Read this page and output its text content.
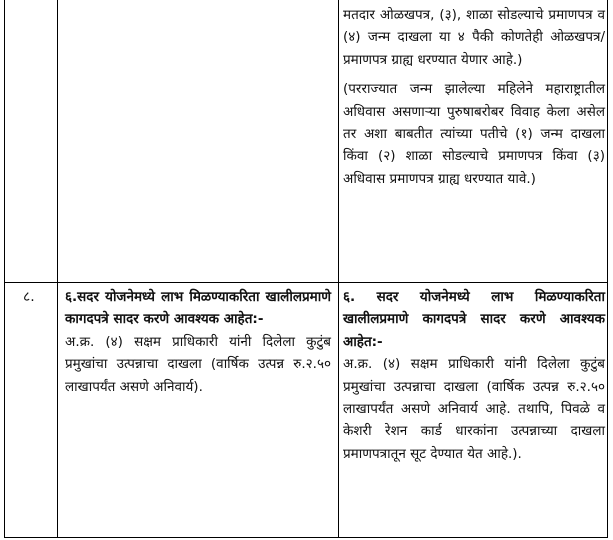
मतदार ओळखपत्र, (३), शाळा सोडल्याचे प्रमाणपत्र व (४) जन्म दाखला या ४ पैकी कोणतेही ओळखपत्र/प्रमाणपत्र ग्राह्य धरण्यात येणार आहे.)

(परराज्यात जन्म झालेल्या महिलेने महाराष्ट्रातील अधिवास असणाऱ्या पुरुषाबरोबर विवाह केला असेल तर अशा बाबतीत त्यांच्या पतीचे (१) जन्म दाखला किंवा (२) शाळा सोडल्याचे प्रमाणपत्र किंवा (३) अधिवास प्रमाणपत्र ग्राह्य धरण्यात यावे.)

८.	६.सदर योजनेमध्ये लाभ मिळण्याकरिता खालीलप्रमाणे कागदपत्रे सादर करणे आवश्यक आहेत:-

अ.क्र. (४) सक्षम प्राधिकारी यांनी दिलेला कुटुंब प्रमुखांचा उत्पन्नाचा दाखला (वार्षिक उत्पन्न रु.२.५० लाखापर्यंत असणे अनिवार्य).

६. सदर योजनेमध्ये लाभ मिळण्याकरिता खालीलप्रमाणे कागदपत्रे सादर करणे आवश्यक आहेत:-

अ.क्र. (४) सक्षम प्राधिकारी यांनी दिलेला कुटुंब प्रमुखांचा उत्पन्नाचा दाखला (वार्षिक उत्पन्न रु.२.५० लाखापर्यंत असणे अनिवार्य आहे. तथापि, पिवळे व केशरी रेशन कार्ड धारकांना उत्पन्नाच्या दाखला प्रमाणपत्रातून सूट देण्यात येत आहे.).
